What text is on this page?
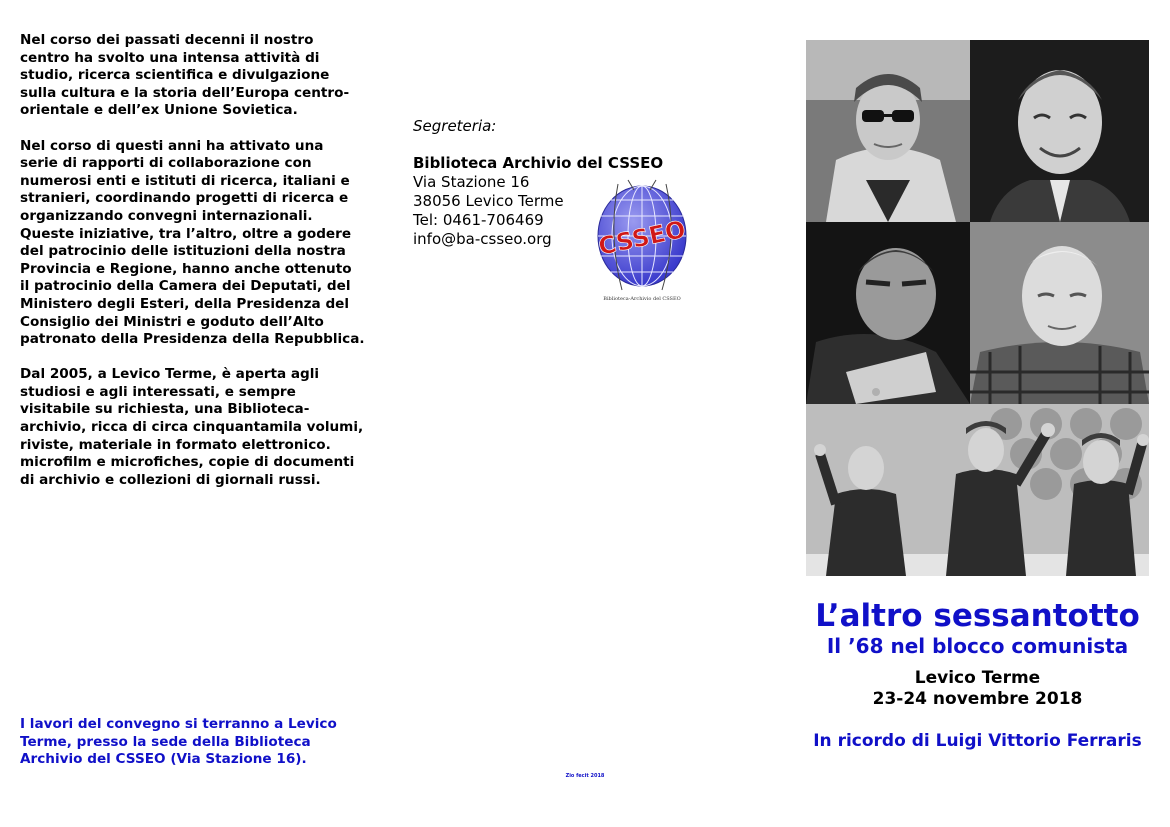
Nel corso dei passati decenni il nostro centro ha svolto una intensa attività di studio, ricerca scientifica e divulgazione sulla cultura e la storia dell’Europa centro-orientale e dell’ex Unione Sovietica.

Nel corso di questi anni ha attivato una serie di rapporti di collaborazione con numerosi enti e istituti di ricerca, italiani e stranieri, coordinando progetti di ricerca e organizzando convegni internazionali. Queste iniziative, tra l’altro, oltre a godere del patrocinio delle istituzioni della nostra Provincia e Regione, hanno anche ottenuto il patrocinio della Camera dei Deputati, del Ministero degli Esteri, della Presidenza del Consiglio dei Ministri e goduto dell’Alto patronato della Presidenza della Repubblica.

Dal 2005, a Levico Terme, è aperta agli studiosi e agli interessati, e sempre visitabile su richiesta, una Biblioteca-archivio, ricca di circa cinquantamila volumi, riviste, materiale in formato elettronico. microfilm e microfiches, copie di documenti di archivio e collezioni di giornali russi.

I lavori del convegno si terranno a Levico Terme, presso la sede della Biblioteca Archivio del CSSEO (Via Stazione 16).
Segreteria:
Biblioteca Archivio del CSSEO
Via Stazione 16
38056 Levico Terme
Tel: 0461-706469
info@ba-csseo.org	CSSEO
Biblioteca-Archivio del CSSEO
Zio fecit 2018
L’altro sessantotto
Il ’68 nel blocco comunista
Levico Terme
23-24 novembre 2018
In ricordo di Luigi Vittorio Ferraris
